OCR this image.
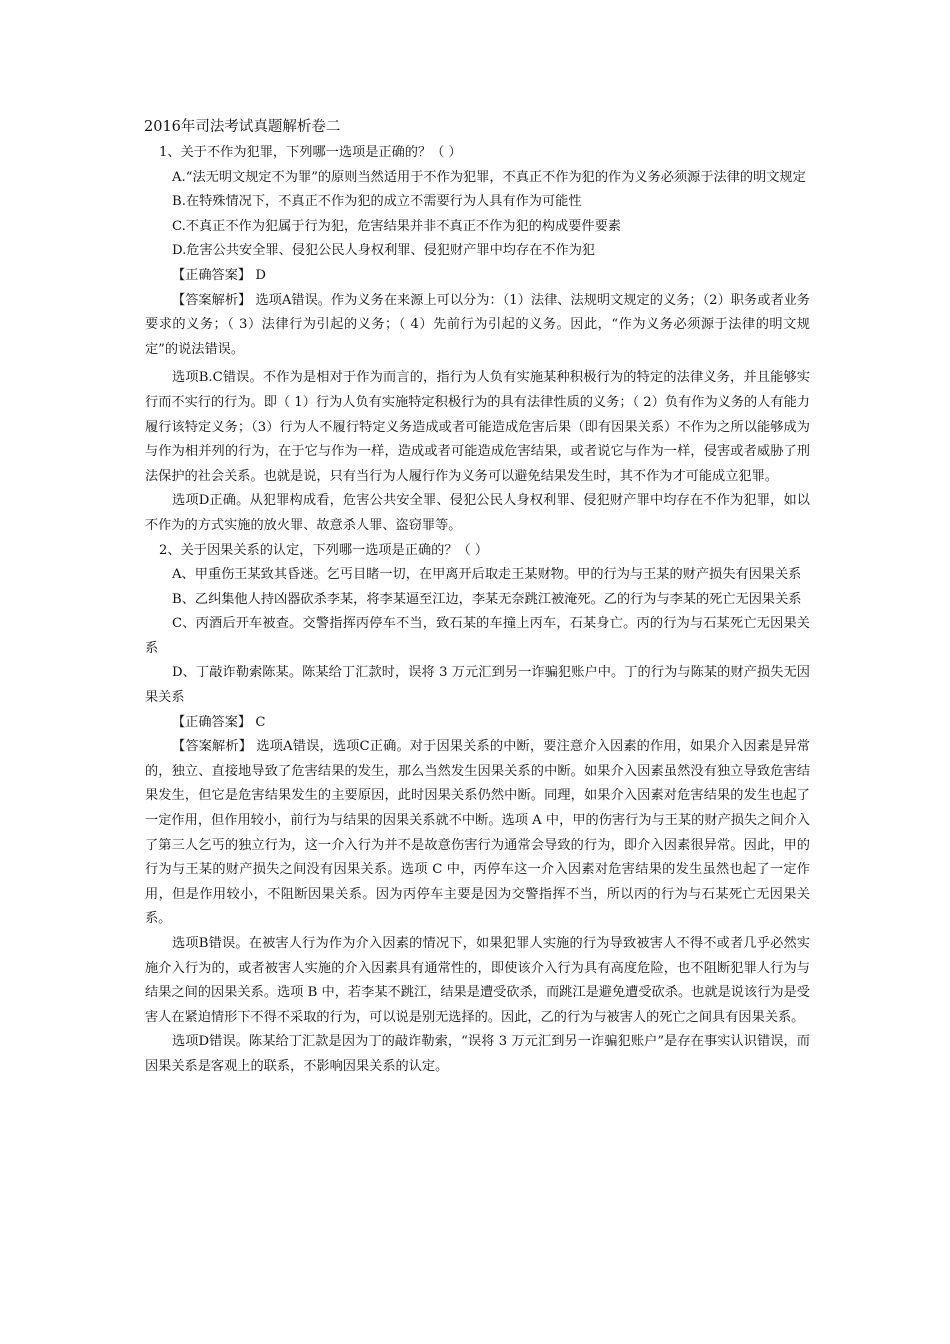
2016年司法考试真题解析卷二

1、关于不作为犯罪，下列哪一选项是正确的？（ ）

A.“法无明文规定不为罪”的原则当然适用于不作为犯罪，不真正不作为犯的作为义务必须源于法律的明文规定

B.在特殊情况下，不真正不作为犯的成立不需要行为人具有作为可能性

C.不真正不作为犯属于行为犯，危害结果并非不真正不作为犯的构成要件要素

D.危害公共安全罪、侵犯公民人身权利罪、侵犯财产罪中均存在不作为犯

【正确答案】 D

【答案解析】 选项A错误。作为义务在来源上可以分为：（1）法律、法规明文规定的义务；（2）职务或者业务要求的义务；（ 3）法律行为引起的义务；（ 4）先前行为引起的义务。因此，“作为义务必须源于法律的明文规定”的说法错误。

选项B.C错误。不作为是相对于作为而言的，指行为人负有实施某种积极行为的特定的法律义务，并且能够实行而不实行的行为。即（ 1）行为人负有实施特定积极行为的具有法律性质的义务；（ 2）负有作为义务的人有能力履行该特定义务；（3）行为人不履行特定义务造成或者可能造成危害后果（即有因果关系）不作为之所以能够成为与作为相并列的行为，在于它与作为一样，造成或者可能造成危害结果，或者说它与作为一样，侵害或者威胁了刑法保护的社会关系。也就是说，只有当行为人履行作为义务可以避免结果发生时，其不作为才可能成立犯罪。

选项D正确。从犯罪构成看，危害公共安全罪、侵犯公民人身权利罪、侵犯财产罪中均存在不作为犯罪，如以不作为的方式实施的放火罪、故意杀人罪、盗窃罪等。

2、关于因果关系的认定，下列哪一选项是正确的？（ ）

A、甲重伤王某致其昏迷。乞丐目睹一切，在甲离开后取走王某财物。甲的行为与王某的财产损失有因果关系

B、乙纠集他人持凶器砍杀李某，将李某逼至江边，李某无奈跳江被淹死。乙的行为与李某的死亡无因果关系

C、丙酒后开车被查。交警指挥丙停车不当，致石某的车撞上丙车，石某身亡。丙的行为与石某死亡无因果关系

D、丁敲诈勒索陈某。陈某给丁汇款时，误将 3 万元汇到另一诈骗犯账户中。丁的行为与陈某的财产损失无因果关系

【正确答案】 C

【答案解析】 选项A错误，选项C正确。对于因果关系的中断，要注意介入因素的作用，如果介入因素是异常的，独立、直接地导致了危害结果的发生，那么当然发生因果关系的中断。如果介入因素虽然没有独立导致危害结果发生，但它是危害结果发生的主要原因，此时因果关系仍然中断。同理，如果介入因素对危害结果的发生也起了一定作用，但作用较小，前行为与结果的因果关系就不中断。选项 A 中，甲的伤害行为与王某的财产损失之间介入了第三人乞丐的独立行为，这一介入行为并不是故意伤害行为通常会导致的行为，即介入因素很异常。因此，甲的行为与王某的财产损失之间没有因果关系。选项 C 中，丙停车这一介入因素对危害结果的发生虽然也起了一定作用，但是作用较小，不阻断因果关系。因为丙停车主要是因为交警指挥不当，所以丙的行为与石某死亡无因果关系。

选项B错误。在被害人行为作为介入因素的情况下，如果犯罪人实施的行为导致被害人不得不或者几乎必然实施介入行为的，或者被害人实施的介入因素具有通常性的，即使该介入行为具有高度危险，也不阻断犯罪人行为与结果之间的因果关系。选项 B 中，若李某不跳江，结果是遭受砍杀，而跳江是避免遭受砍杀。也就是说该行为是受害人在紧迫情形下不得不采取的行为，可以说是别无选择的。因此，乙的行为与被害人的死亡之间具有因果关系。

选项D错误。陈某给丁汇款是因为丁的敲诈勒索，“误将 3 万元汇到另一诈骗犯账户”是存在事实认识错误，而因果关系是客观上的联系，不影响因果关系的认定。
